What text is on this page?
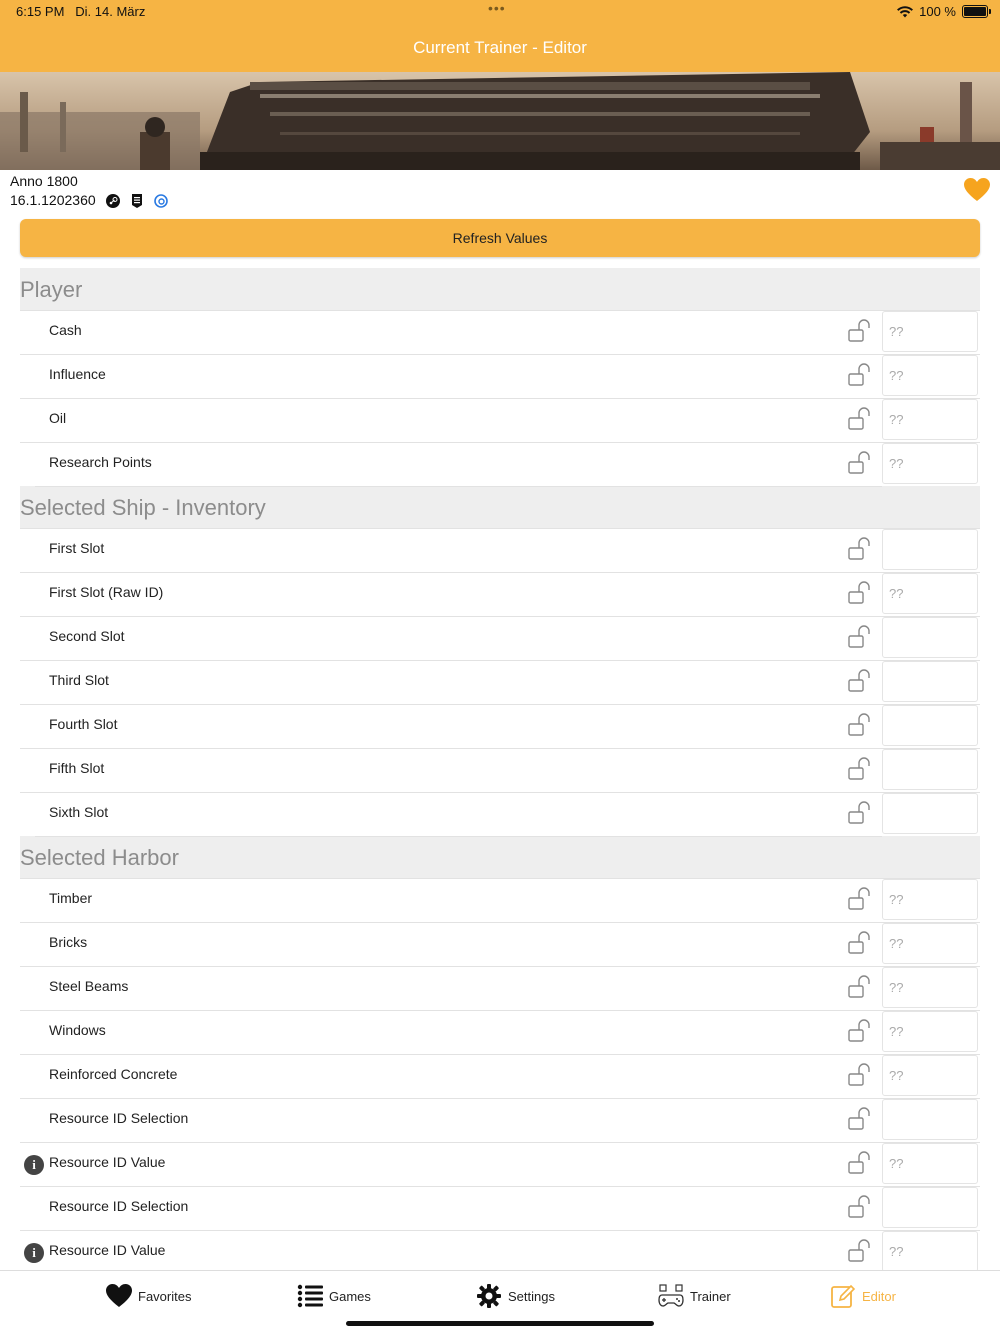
6:15 PM Di. 14. März	•••	100 %
Current Trainer - Editor
Anno 1800
16.1.1202360
Refresh Values
Player
Cash	??
Influence	??
Oil	??
Research Points	??
Selected Ship - Inventory
First Slot
First Slot (Raw ID)	??
Second Slot
Third Slot
Fourth Slot
Fifth Slot
Sixth Slot
Selected Harbor
Timber	??
Bricks	??
Steel Beams	??
Windows	??
Reinforced Concrete	??
Resource ID Selection
i Resource ID Value	??
Resource ID Selection
i Resource ID Value	??
Favorites	Games	Settings	Trainer	Editor
